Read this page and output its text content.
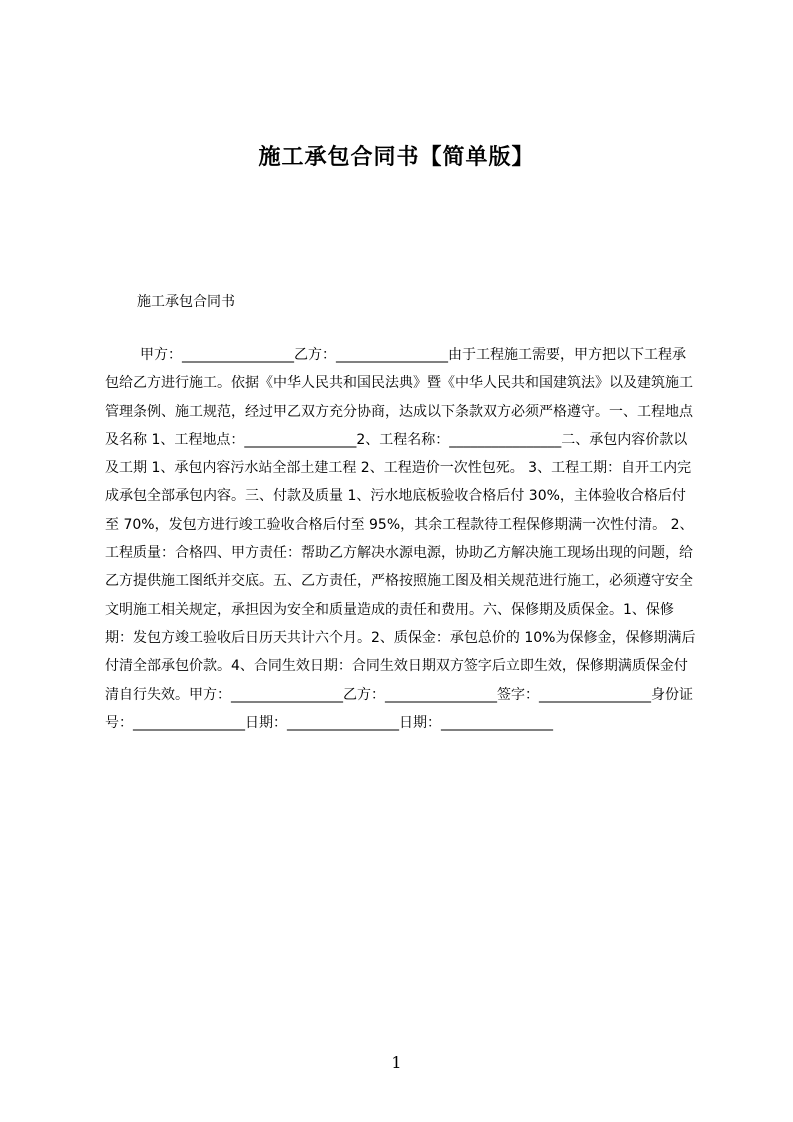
施工承包合同书【简单版】
施工承包合同书
甲方：________________乙方：________________由于工程施工需要，甲方把以下工程承包给乙方进行施工。依据《中华人民共和国民法典》暨《中华人民共和国建筑法》以及建筑施工管理条例、施工规范，经过甲乙双方充分协商，达成以下条款双方必须严格遵守。一、工程地点及名称 1、工程地点：________________2、工程名称：________________二、承包内容价款以及工期 1、承包内容污水站全部土建工程 2、工程造价一次性包死。 3、工程工期：自开工内完成承包全部承包内容。三、付款及质量 1、污水地底板验收合格后付 30%，主体验收合格后付至 70%，发包方进行竣工验收合格后付至 95%，其余工程款待工程保修期满一次性付清。 2、工程质量：合格四、甲方责任：帮助乙方解决水源电源，协助乙方解决施工现场出现的问题，给乙方提供施工图纸并交底。五、乙方责任，严格按照施工图及相关规范进行施工，必须遵守安全文明施工相关规定，承担因为安全和质量造成的责任和费用。六、保修期及质保金。1、保修期：发包方竣工验收后日历天共计六个月。2、质保金：承包总价的 10%为保修金，保修期满后付清全部承包价款。4、合同生效日期：合同生效日期双方签字后立即生效，保修期满质保金付清自行失效。甲方：________________乙方：________________签字：________________身份证号：________________日期：________________日期：________________
1
